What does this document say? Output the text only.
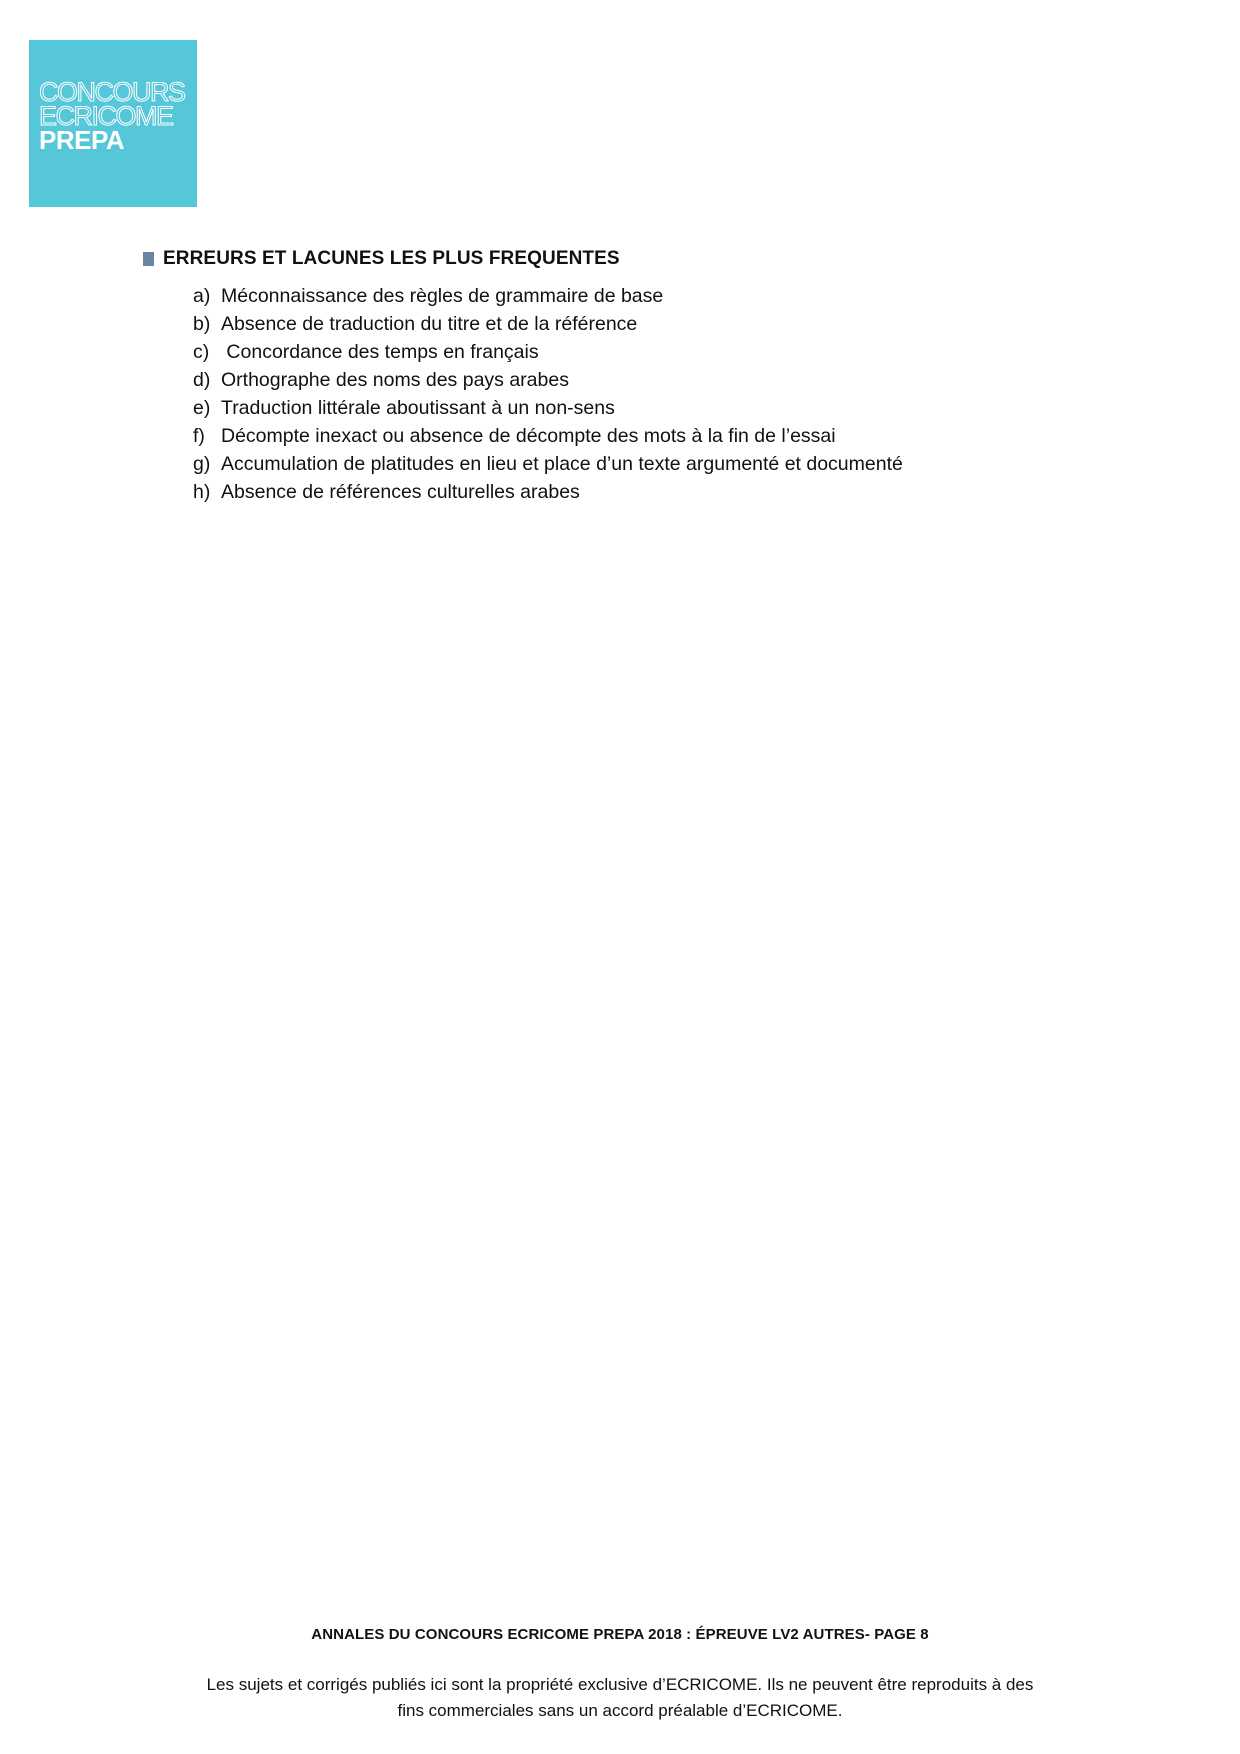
CONCOURS
ECRICOME
PREPA
ERREURS ET LACUNES LES PLUS FREQUENTES
a) Méconnaissance des règles de grammaire de base
b) Absence de traduction du titre et de la référence
c) Concordance des temps en français
d) Orthographe des noms des pays arabes
e) Traduction littérale aboutissant à un non-sens
f) Décompte inexact ou absence de décompte des mots à la fin de l’essai
g) Accumulation de platitudes en lieu et place d’un texte argumenté et documenté
h) Absence de références culturelles arabes
ANNALES DU CONCOURS ECRICOME PREPA 2018 : ÉPREUVE LV2 AUTRES- PAGE 8
Les sujets et corrigés publiés ici sont la propriété exclusive d’ECRICOME. Ils ne peuvent être reproduits à des
fins commerciales sans un accord préalable d’ECRICOME.
